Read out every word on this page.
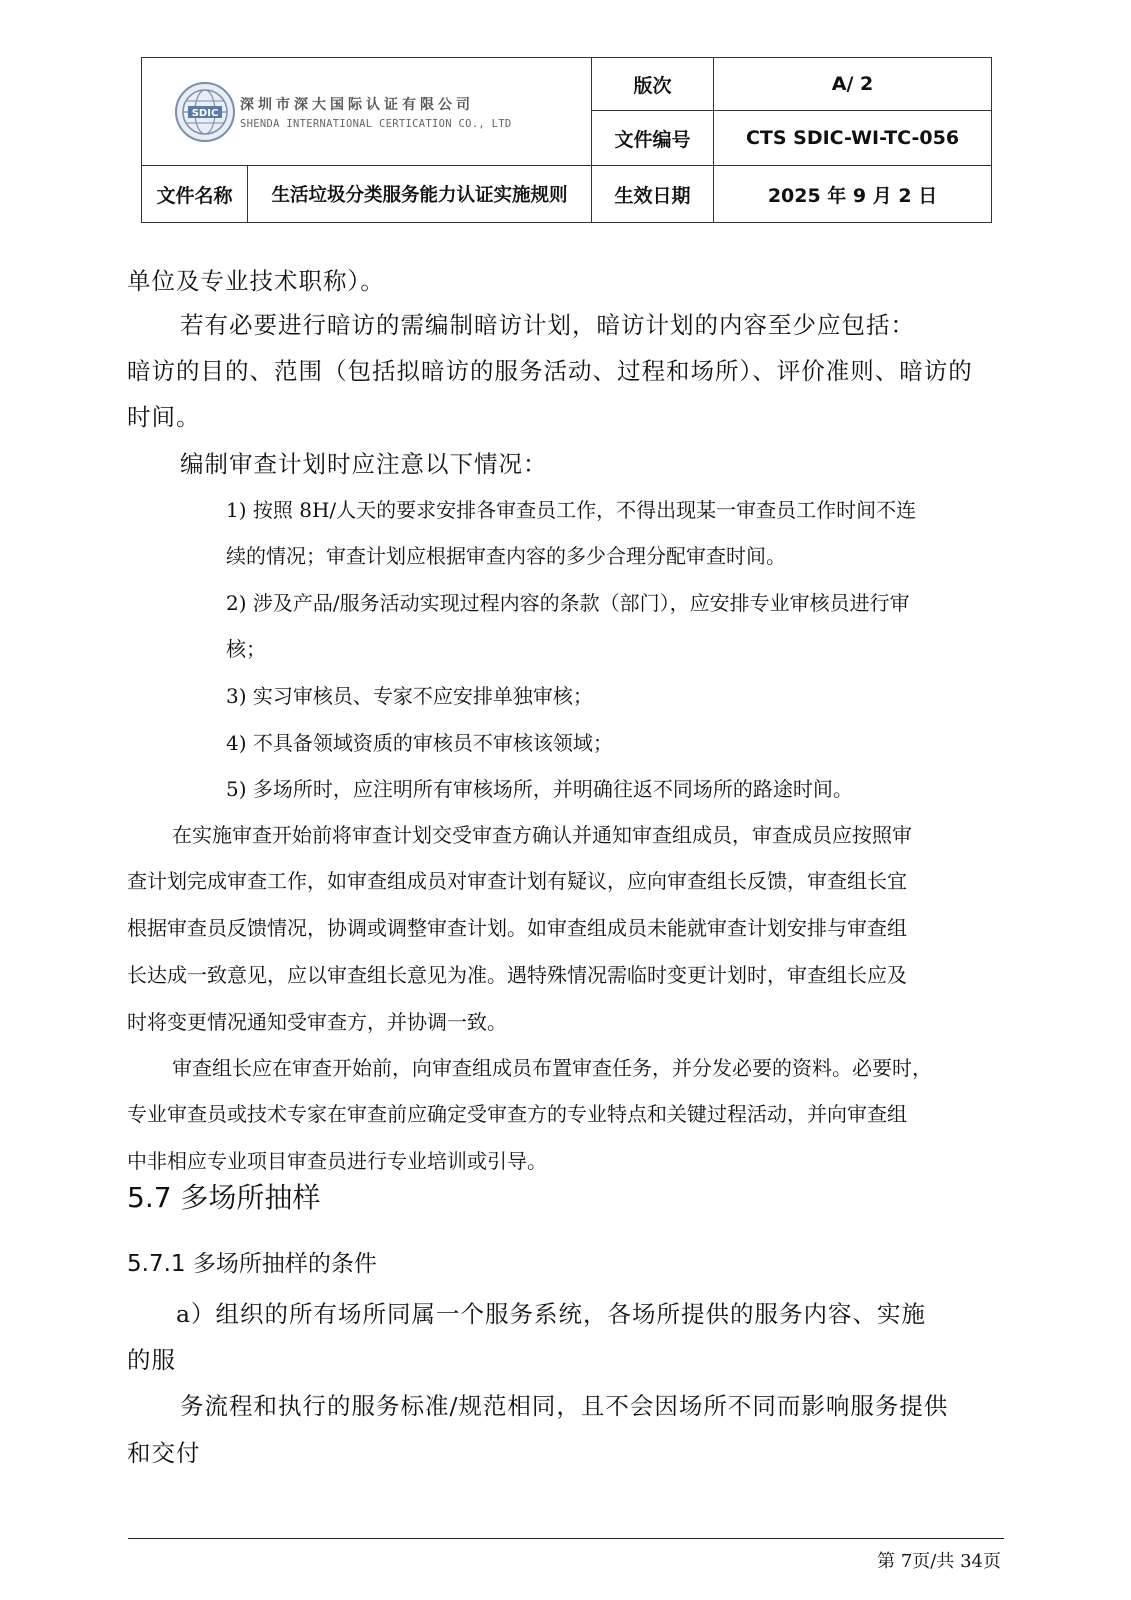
SDIC
深圳市深大国际认证有限公司
SHENDA INTERNATIONAL CERTICATION CO., LTD		版次	A/ 2
		文件编号	CTS SDIC-WI-TC-056
文件名称	生活垃圾分类服务能力认证实施规则	生效日期	2025 年 9 月 2 日
单位及专业技术职称）。
若有必要进行暗访的需编制暗访计划，暗访计划的内容至少应包括：
暗访的目的、范围（包括拟暗访的服务活动、过程和场所）、评价准则、暗访的
时间。
编制审查计划时应注意以下情况：
1) 按照 8H/人天的要求安排各审查员工作，不得出现某一审查员工作时间不连
续的情况；审查计划应根据审查内容的多少合理分配审查时间。
2) 涉及产品/服务活动实现过程内容的条款（部门），应安排专业审核员进行审
核；
3) 实习审核员、专家不应安排单独审核；
4) 不具备领域资质的审核员不审核该领域；
5) 多场所时，应注明所有审核场所，并明确往返不同场所的路途时间。
在实施审查开始前将审查计划交受审查方确认并通知审查组成员，审查成员应按照审
查计划完成审查工作，如审查组成员对审查计划有疑议，应向审查组长反馈，审查组长宜
根据审查员反馈情况，协调或调整审查计划。如审查组成员未能就审查计划安排与审查组
长达成一致意见，应以审查组长意见为准。遇特殊情况需临时变更计划时，审查组长应及
时将变更情况通知受审查方，并协调一致。
审查组长应在审查开始前，向审查组成员布置审查任务，并分发必要的资料。必要时，
专业审查员或技术专家在审查前应确定受审查方的专业特点和关键过程活动，并向审查组
中非相应专业项目审查员进行专业培训或引导。
5.7 多场所抽样
5.7.1 多场所抽样的条件
a）组织的所有场所同属一个服务系统，各场所提供的服务内容、实施
的服
务流程和执行的服务标准/规范相同，且不会因场所不同而影响服务提供
和交付
第 7页/共 34页
